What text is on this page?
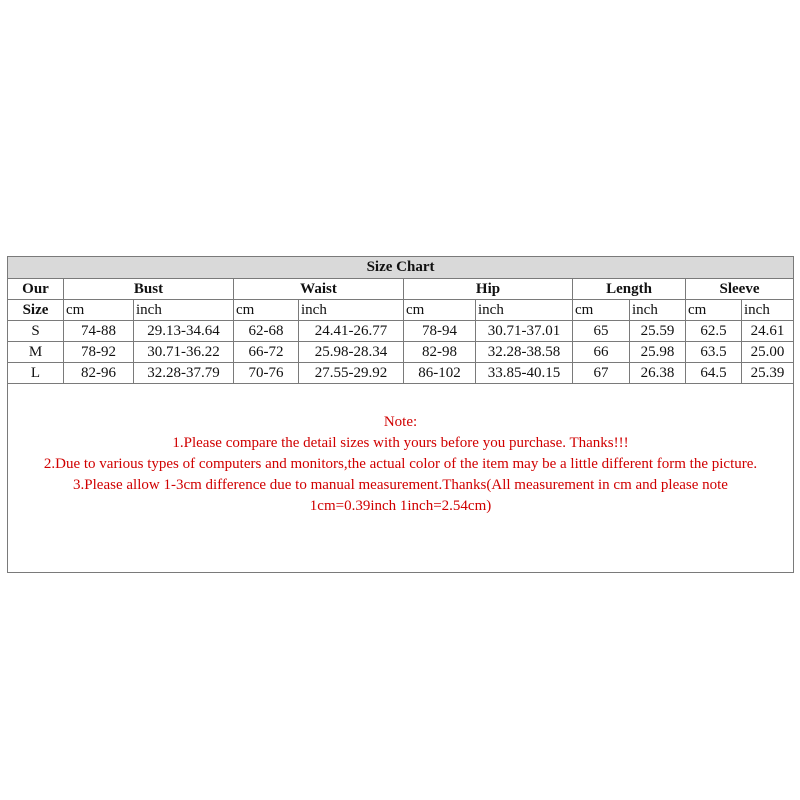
Size Chart										
Our	Bust		Waist		Hip		Length		Sleeve	
Size	cm	inch	cm	inch	cm	inch	cm	inch	cm	inch
S	74-88	29.13-34.64	62-68	24.41-26.77	78-94	30.71-37.01	65	25.59	62.5	24.61
M	78-92	30.71-36.22	66-72	25.98-28.34	82-98	32.28-38.58	66	25.98	63.5	25.00
L	82-96	32.28-37.79	70-76	27.55-29.92	86-102	33.85-40.15	67	26.38	64.5	25.39

Note:
1.Please compare the detail sizes with yours before you purchase. Thanks!!!
2.Due to various types of computers and monitors,the actual color of the item may be a little different form the picture.
3.Please allow 1-3cm difference due to manual measurement.Thanks(All measurement in cm and please note
1cm=0.39inch 1inch=2.54cm)										
